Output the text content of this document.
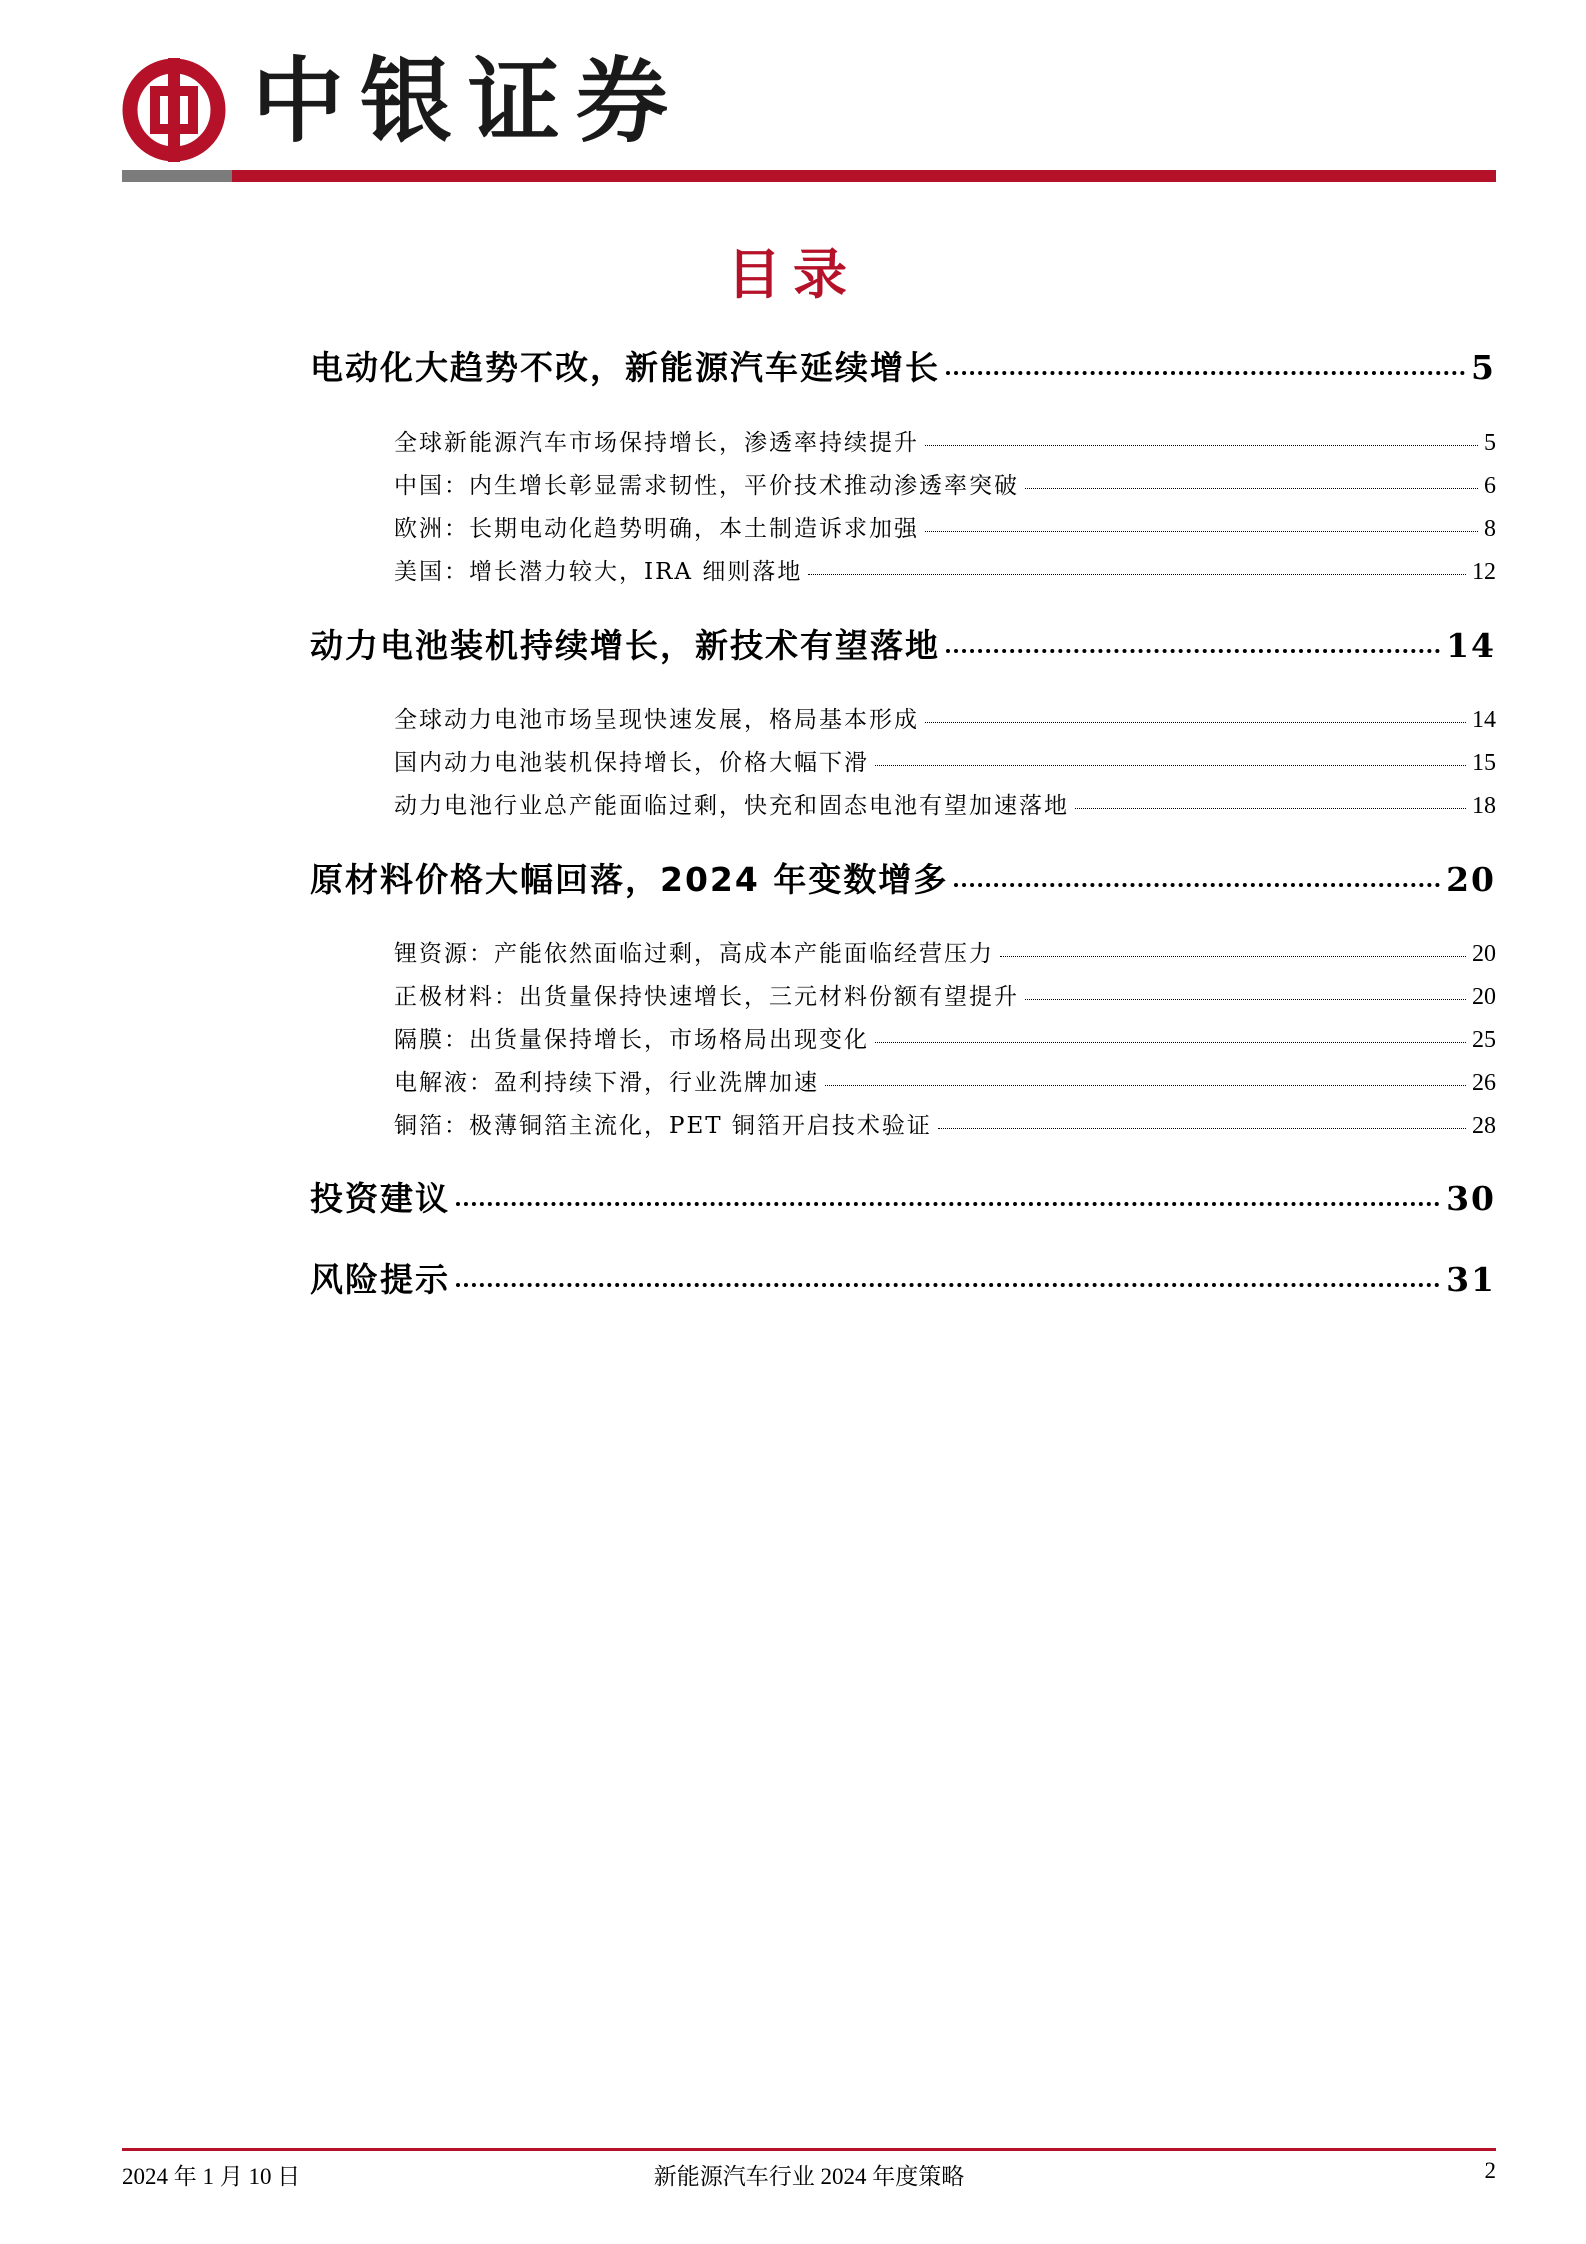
中银证券
目录
电动化大趋势不改，新能源汽车延续增长	5
全球新能源汽车市场保持增长，渗透率持续提升	5
中国：内生增长彰显需求韧性，平价技术推动渗透率突破	6
欧洲：长期电动化趋势明确，本土制造诉求加强	8
美国：增长潜力较大，IRA 细则落地	12
动力电池装机持续增长，新技术有望落地	14
全球动力电池市场呈现快速发展，格局基本形成	14
国内动力电池装机保持增长，价格大幅下滑	15
动力电池行业总产能面临过剩，快充和固态电池有望加速落地	18
原材料价格大幅回落，2024 年变数增多	20
锂资源：产能依然面临过剩，高成本产能面临经营压力	20
正极材料：出货量保持快速增长，三元材料份额有望提升	20
隔膜：出货量保持增长，市场格局出现变化	25
电解液：盈利持续下滑，行业洗牌加速	26
铜箔：极薄铜箔主流化，PET 铜箔开启技术验证	28
投资建议	30
风险提示	31
2024 年 1 月 10 日	新能源汽车行业 2024 年度策略	2
